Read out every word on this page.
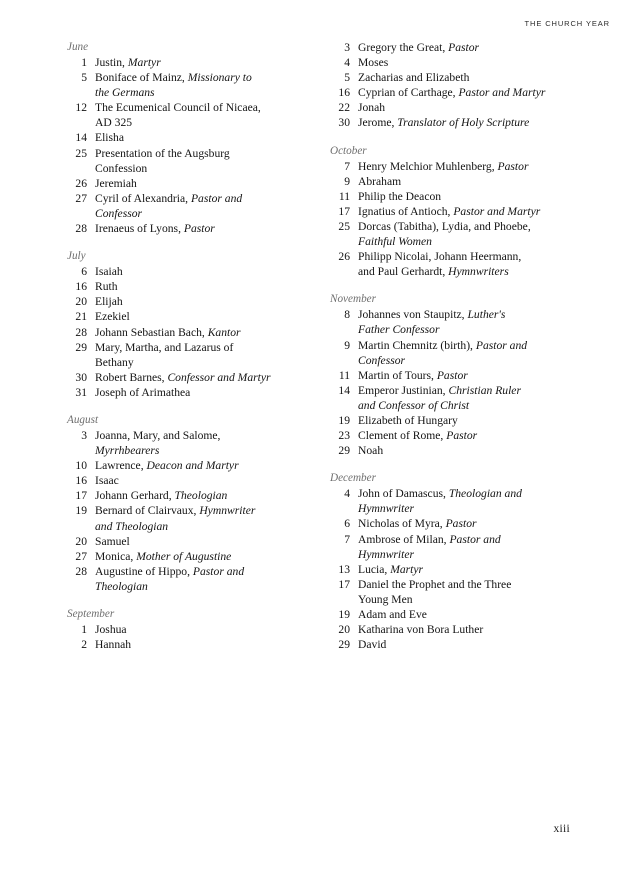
THE CHURCH YEAR
June
1 Justin, Martyr
5 Boniface of Mainz, Missionary to
the Germans
12 The Ecumenical Council of Nicaea,
AD 325
14 Elisha
25 Presentation of the Augsburg
Confession
26 Jeremiah
27 Cyril of Alexandria, Pastor and
Confessor
28 Irenaeus of Lyons, Pastor
July
6 Isaiah
16 Ruth
20 Elijah
21 Ezekiel
28 Johann Sebastian Bach, Kantor
29 Mary, Martha, and Lazarus of
Bethany
30 Robert Barnes, Confessor and Martyr
31 Joseph of Arimathea
August
3 Joanna, Mary, and Salome,
Myrrhbearers
10 Lawrence, Deacon and Martyr
16 Isaac
17 Johann Gerhard, Theologian
19 Bernard of Clairvaux, Hymnwriter
and Theologian
20 Samuel
27 Monica, Mother of Augustine
28 Augustine of Hippo, Pastor and
Theologian
September
1 Joshua
2 Hannah
3 Gregory the Great, Pastor
4 Moses
5 Zacharias and Elizabeth
16 Cyprian of Carthage, Pastor and Martyr
22 Jonah
30 Jerome, Translator of Holy Scripture
October
7 Henry Melchior Muhlenberg, Pastor
9 Abraham
11 Philip the Deacon
17 Ignatius of Antioch, Pastor and Martyr
25 Dorcas (Tabitha), Lydia, and Phoebe,
Faithful Women
26 Philipp Nicolai, Johann Heermann,
and Paul Gerhardt, Hymnwriters
November
8 Johannes von Staupitz, Luther's
Father Confessor
9 Martin Chemnitz (birth), Pastor and
Confessor
11 Martin of Tours, Pastor
14 Emperor Justinian, Christian Ruler
and Confessor of Christ
19 Elizabeth of Hungary
23 Clement of Rome, Pastor
29 Noah
December
4 John of Damascus, Theologian and
Hymnwriter
6 Nicholas of Myra, Pastor
7 Ambrose of Milan, Pastor and
Hymnwriter
13 Lucia, Martyr
17 Daniel the Prophet and the Three
Young Men
19 Adam and Eve
20 Katharina von Bora Luther
29 David
xiii
